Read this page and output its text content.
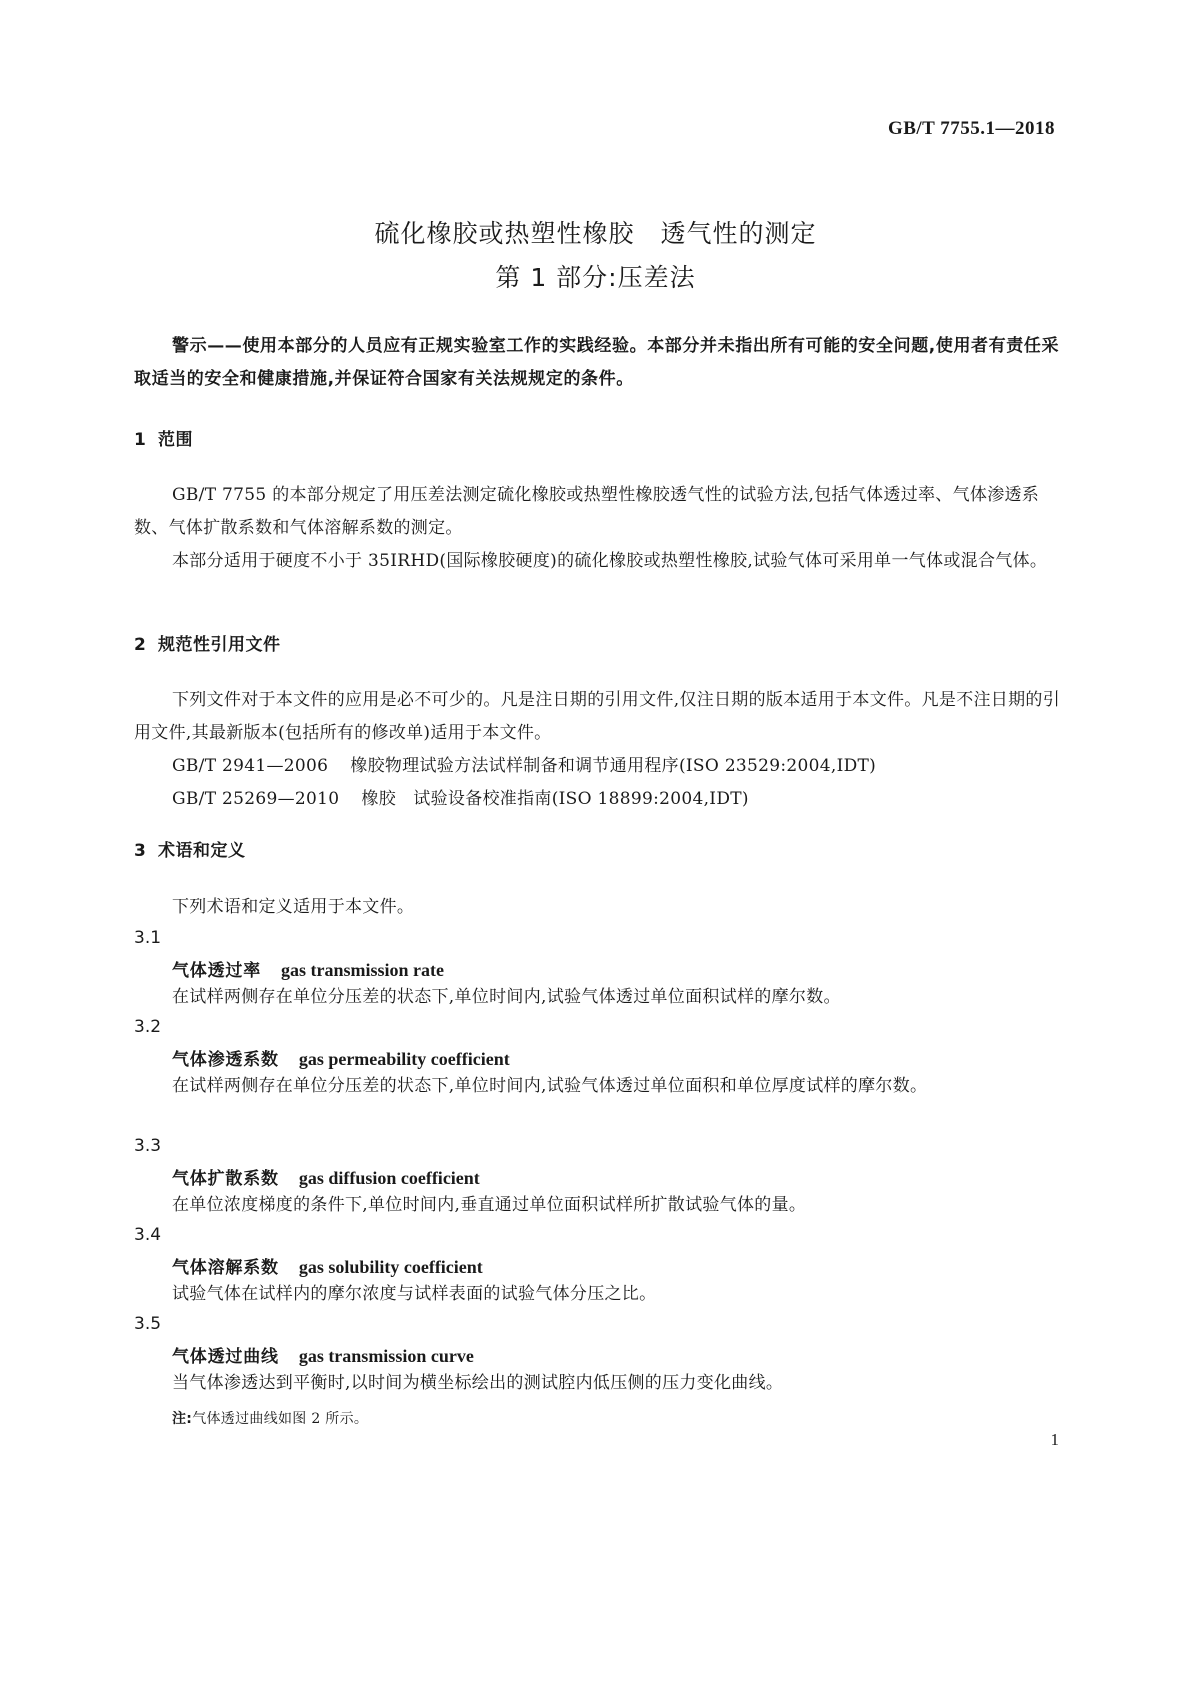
GB/T 7755.1—2018
硫化橡胶或热塑性橡胶　透气性的测定
第 1 部分:压差法
警示——使用本部分的人员应有正规实验室工作的实践经验。本部分并未指出所有可能的安全问题,使用者有责任采取适当的安全和健康措施,并保证符合国家有关法规规定的条件。
1 范围

GB/T 7755 的本部分规定了用压差法测定硫化橡胶或热塑性橡胶透气性的试验方法,包括气体透过率、气体渗透系数、气体扩散系数和气体溶解系数的测定。

本部分适用于硬度不小于 35IRHD(国际橡胶硬度)的硫化橡胶或热塑性橡胶,试验气体可采用单一气体或混合气体。

2 规范性引用文件

下列文件对于本文件的应用是必不可少的。凡是注日期的引用文件,仅注日期的版本适用于本文件。凡是不注日期的引用文件,其最新版本(包括所有的修改单)适用于本文件。

GB/T 2941—2006 橡胶物理试验方法试样制备和调节通用程序(ISO 23529:2004,IDT)

GB/T 25269—2010 橡胶　试验设备校准指南(ISO 18899:2004,IDT)

3 术语和定义
下列术语和定义适用于本文件。
3.1
气体透过率 gas transmission rate
在试样两侧存在单位分压差的状态下,单位时间内,试验气体透过单位面积试样的摩尔数。
3.2
气体渗透系数 gas permeability coefficient
在试样两侧存在单位分压差的状态下,单位时间内,试验气体透过单位面积和单位厚度试样的摩尔数。
3.3
气体扩散系数 gas diffusion coefficient
在单位浓度梯度的条件下,单位时间内,垂直通过单位面积试样所扩散试验气体的量。
3.4
气体溶解系数 gas solubility coefficient
试验气体在试样内的摩尔浓度与试样表面的试验气体分压之比。
3.5
气体透过曲线 gas transmission curve
当气体渗透达到平衡时,以时间为横坐标绘出的测试腔内低压侧的压力变化曲线。
注:气体透过曲线如图 2 所示。
1
